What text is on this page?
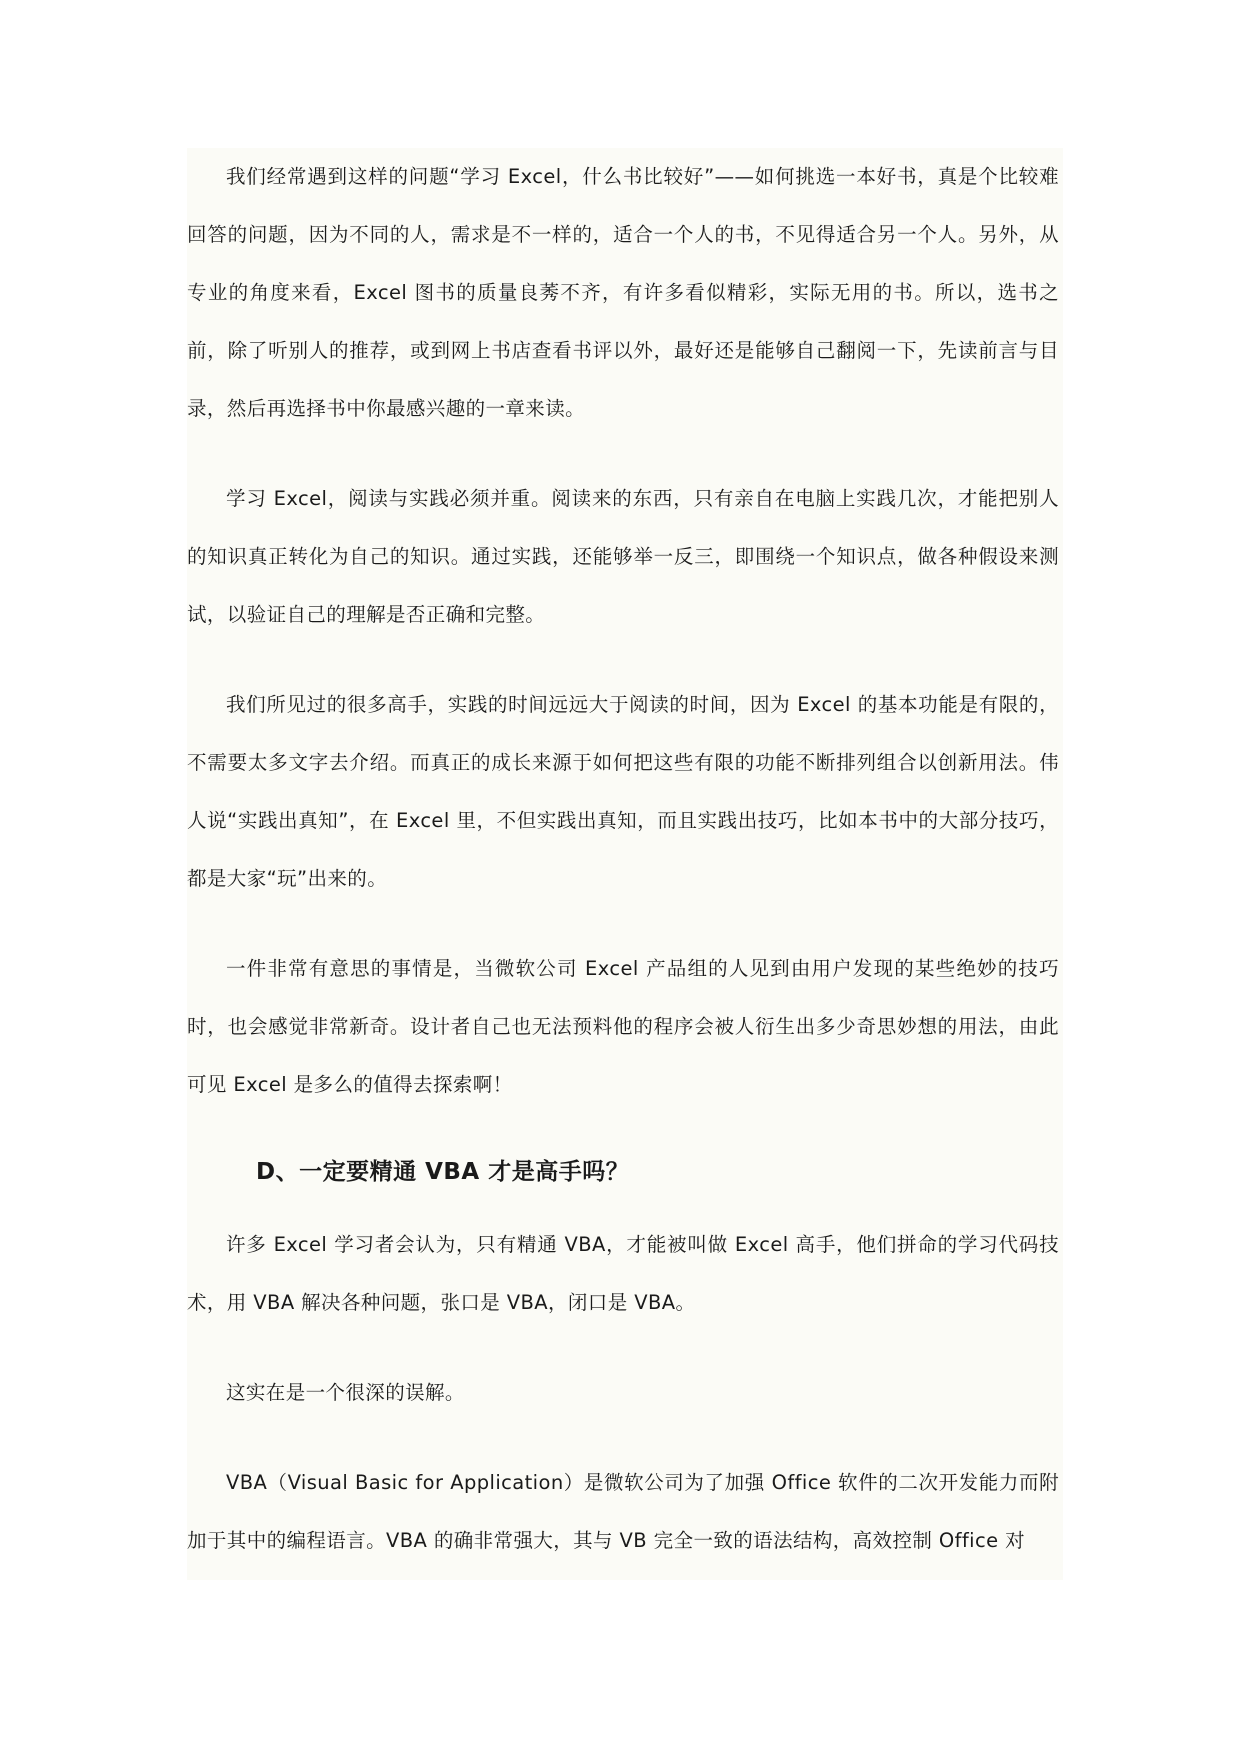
我们经常遇到这样的问题“学习 Excel，什么书比较好”——如何挑选一本好书，真是个比较难回答的问题，因为不同的人，需求是不一样的，适合一个人的书，不见得适合另一个人。另外，从专业的角度来看，Excel 图书的质量良莠不齐，有许多看似精彩，实际无用的书。所以，选书之前，除了听别人的推荐，或到网上书店查看书评以外，最好还是能够自己翻阅一下，先读前言与目录，然后再选择书中你最感兴趣的一章来读。

学习 Excel，阅读与实践必须并重。阅读来的东西，只有亲自在电脑上实践几次，才能把别人的知识真正转化为自己的知识。通过实践，还能够举一反三，即围绕一个知识点，做各种假设来测试，以验证自己的理解是否正确和完整。

我们所见过的很多高手，实践的时间远远大于阅读的时间，因为 Excel 的基本功能是有限的，不需要太多文字去介绍。而真正的成长来源于如何把这些有限的功能不断排列组合以创新用法。伟人说“实践出真知”，在 Excel 里，不但实践出真知，而且实践出技巧，比如本书中的大部分技巧，都是大家“玩”出来的。

一件非常有意思的事情是，当微软公司 Excel 产品组的人见到由用户发现的某些绝妙的技巧时，也会感觉非常新奇。设计者自己也无法预料他的程序会被人衍生出多少奇思妙想的用法，由此可见 Excel 是多么的值得去探索啊！

D、一定要精通 VBA 才是高手吗？

许多 Excel 学习者会认为，只有精通 VBA，才能被叫做 Excel 高手，他们拼命的学习代码技术，用 VBA 解决各种问题，张口是 VBA，闭口是 VBA。

这实在是一个很深的误解。

VBA（Visual Basic for Application）是微软公司为了加强 Office 软件的二次开发能力而附加于其中的编程语言。VBA 的确非常强大，其与 VB 完全一致的语法结构，高效控制 Office 对
